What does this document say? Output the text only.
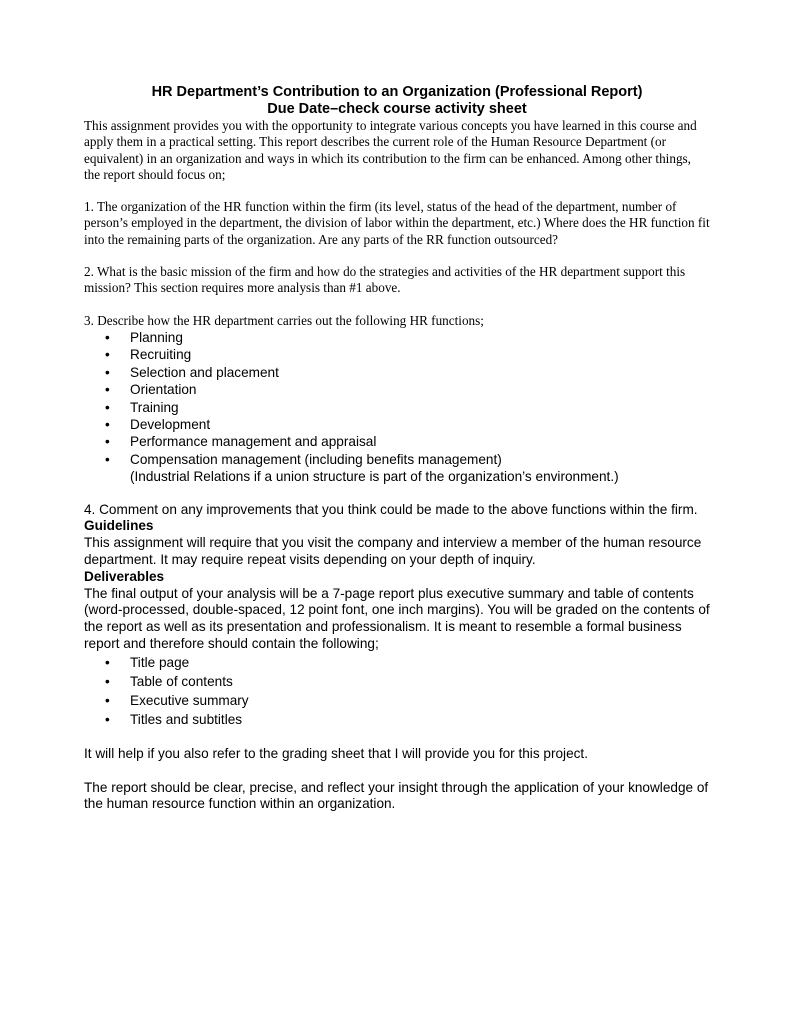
HR Department’s Contribution to an Organization (Professional Report)

Due Date–check course activity sheet

This assignment provides you with the opportunity to integrate various concepts you have learned in this course and apply them in a practical setting. This report describes the current role of the Human Resource Department (or equivalent) in an organization and ways in which its contribution to the firm can be enhanced. Among other things, the report should focus on;

1. The organization of the HR function within the firm (its level, status of the head of the department, number of person’s employed in the department, the division of labor within the department, etc.) Where does the HR function fit into the remaining parts of the organization. Are any parts of the RR function outsourced?

2. What is the basic mission of the firm and how do the strategies and activities of the HR department support this mission? This section requires more analysis than #1 above.

3. Describe how the HR department carries out the following HR functions;

• Planning
• Recruiting
• Selection and placement
• Orientation
• Training
• Development
• Performance management and appraisal
• Compensation management (including benefits management)
(Industrial Relations if a union structure is part of the organization’s environment.)

4. Comment on any improvements that you think could be made to the above functions within the firm.

Guidelines

This assignment will require that you visit the company and interview a member of the human resource department. It may require repeat visits depending on your depth of inquiry.

Deliverables

The final output of your analysis will be a 7-page report plus executive summary and table of contents (word-processed, double-spaced, 12 point font, one inch margins). You will be graded on the contents of the report as well as its presentation and professionalism. It is meant to resemble a formal business report and therefore should contain the following;

• Title page
• Table of contents
• Executive summary
• Titles and subtitles

It will help if you also refer to the grading sheet that I will provide you for this project.

The report should be clear, precise, and reflect your insight through the application of your knowledge of the human resource function within an organization.
